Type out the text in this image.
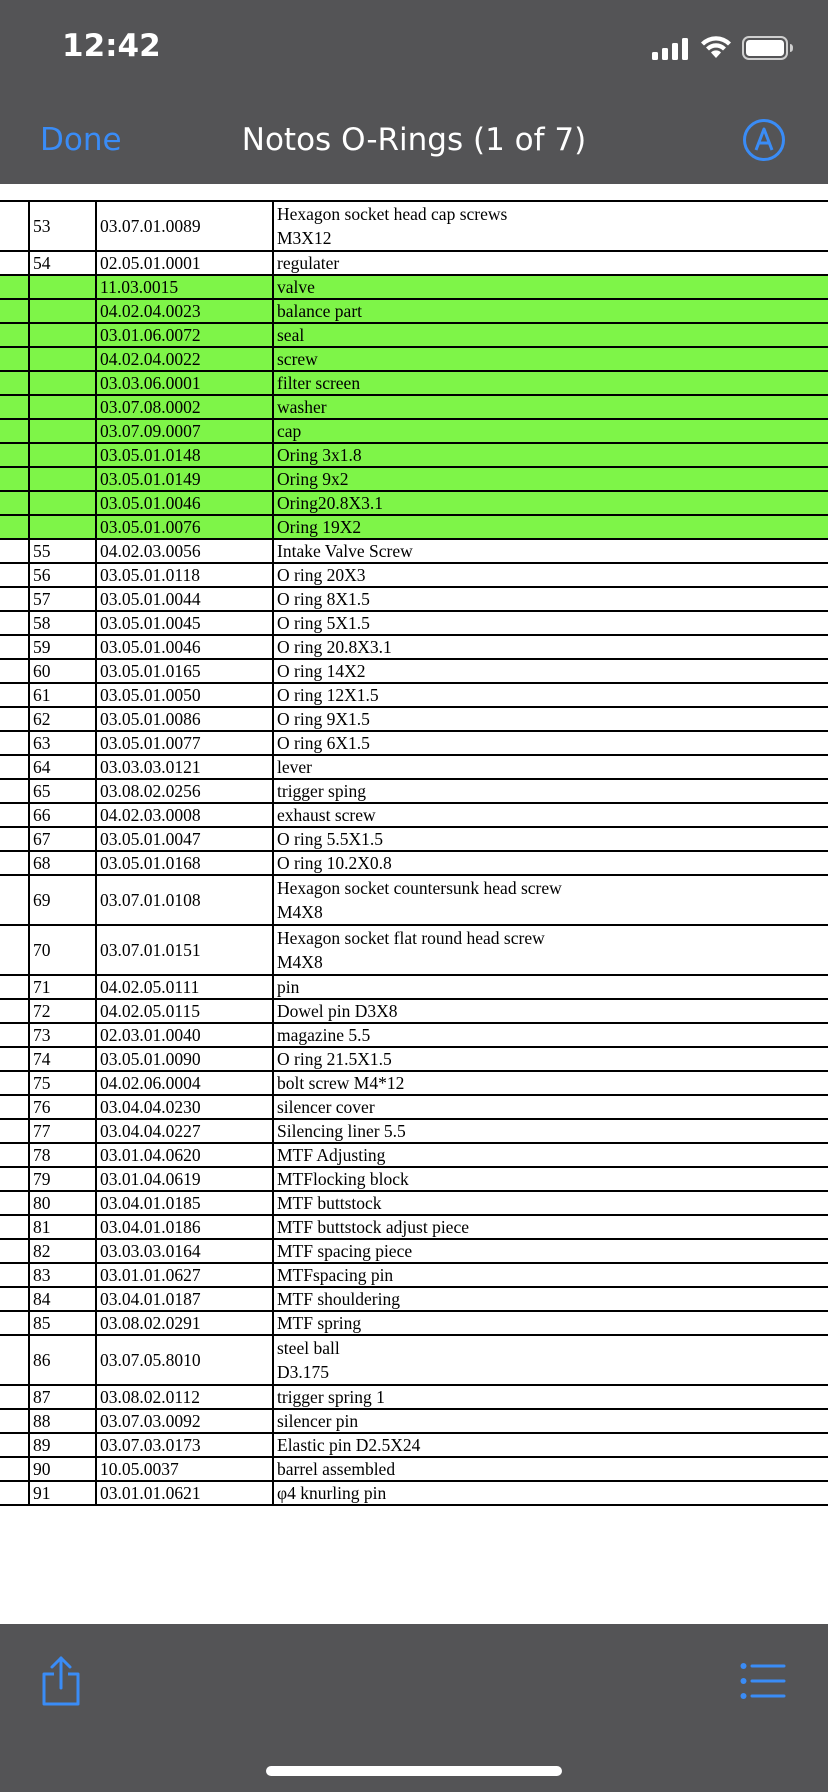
12:42
Done	Notos O-Rings (1 of 7)
	53	03.07.01.0089	Hexagon socket head cap screws
M3X12
	54	02.05.01.0001	regulater
		11.03.0015	valve
		04.02.04.0023	balance part
		03.01.06.0072	seal
		04.02.04.0022	screw
		03.03.06.0001	filter screen
		03.07.08.0002	washer
		03.07.09.0007	cap
		03.05.01.0148	Oring 3x1.8
		03.05.01.0149	Oring 9x2
		03.05.01.0046	Oring20.8X3.1
		03.05.01.0076	Oring 19X2
	55	04.02.03.0056	Intake Valve Screw
	56	03.05.01.0118	O ring 20X3
	57	03.05.01.0044	O ring 8X1.5
	58	03.05.01.0045	O ring 5X1.5
	59	03.05.01.0046	O ring 20.8X3.1
	60	03.05.01.0165	O ring 14X2
	61	03.05.01.0050	O ring 12X1.5
	62	03.05.01.0086	O ring 9X1.5
	63	03.05.01.0077	O ring 6X1.5
	64	03.03.03.0121	lever
	65	03.08.02.0256	trigger sping
	66	04.02.03.0008	exhaust screw
	67	03.05.01.0047	O ring 5.5X1.5
	68	03.05.01.0168	O ring 10.2X0.8
	69	03.07.01.0108	Hexagon socket countersunk head screw
M4X8
	70	03.07.01.0151	Hexagon socket flat round head screw
M4X8
	71	04.02.05.0111	pin
	72	04.02.05.0115	Dowel pin D3X8
	73	02.03.01.0040	magazine 5.5
	74	03.05.01.0090	O ring 21.5X1.5
	75	04.02.06.0004	bolt screw M4*12
	76	03.04.04.0230	silencer cover
	77	03.04.04.0227	Silencing liner 5.5
	78	03.01.04.0620	MTF Adjusting
	79	03.01.04.0619	MTFlocking block
	80	03.04.01.0185	MTF buttstock
	81	03.04.01.0186	MTF buttstock adjust piece
	82	03.03.03.0164	MTF spacing piece
	83	03.01.01.0627	MTFspacing pin
	84	03.04.01.0187	MTF shouldering
	85	03.08.02.0291	MTF spring
	86	03.07.05.8010	steel ball
D3.175
	87	03.08.02.0112	trigger spring 1
	88	03.07.03.0092	silencer pin
	89	03.07.03.0173	Elastic pin D2.5X24
	90	10.05.0037	barrel assembled
	91	03.01.01.0621	φ4 knurling pin
